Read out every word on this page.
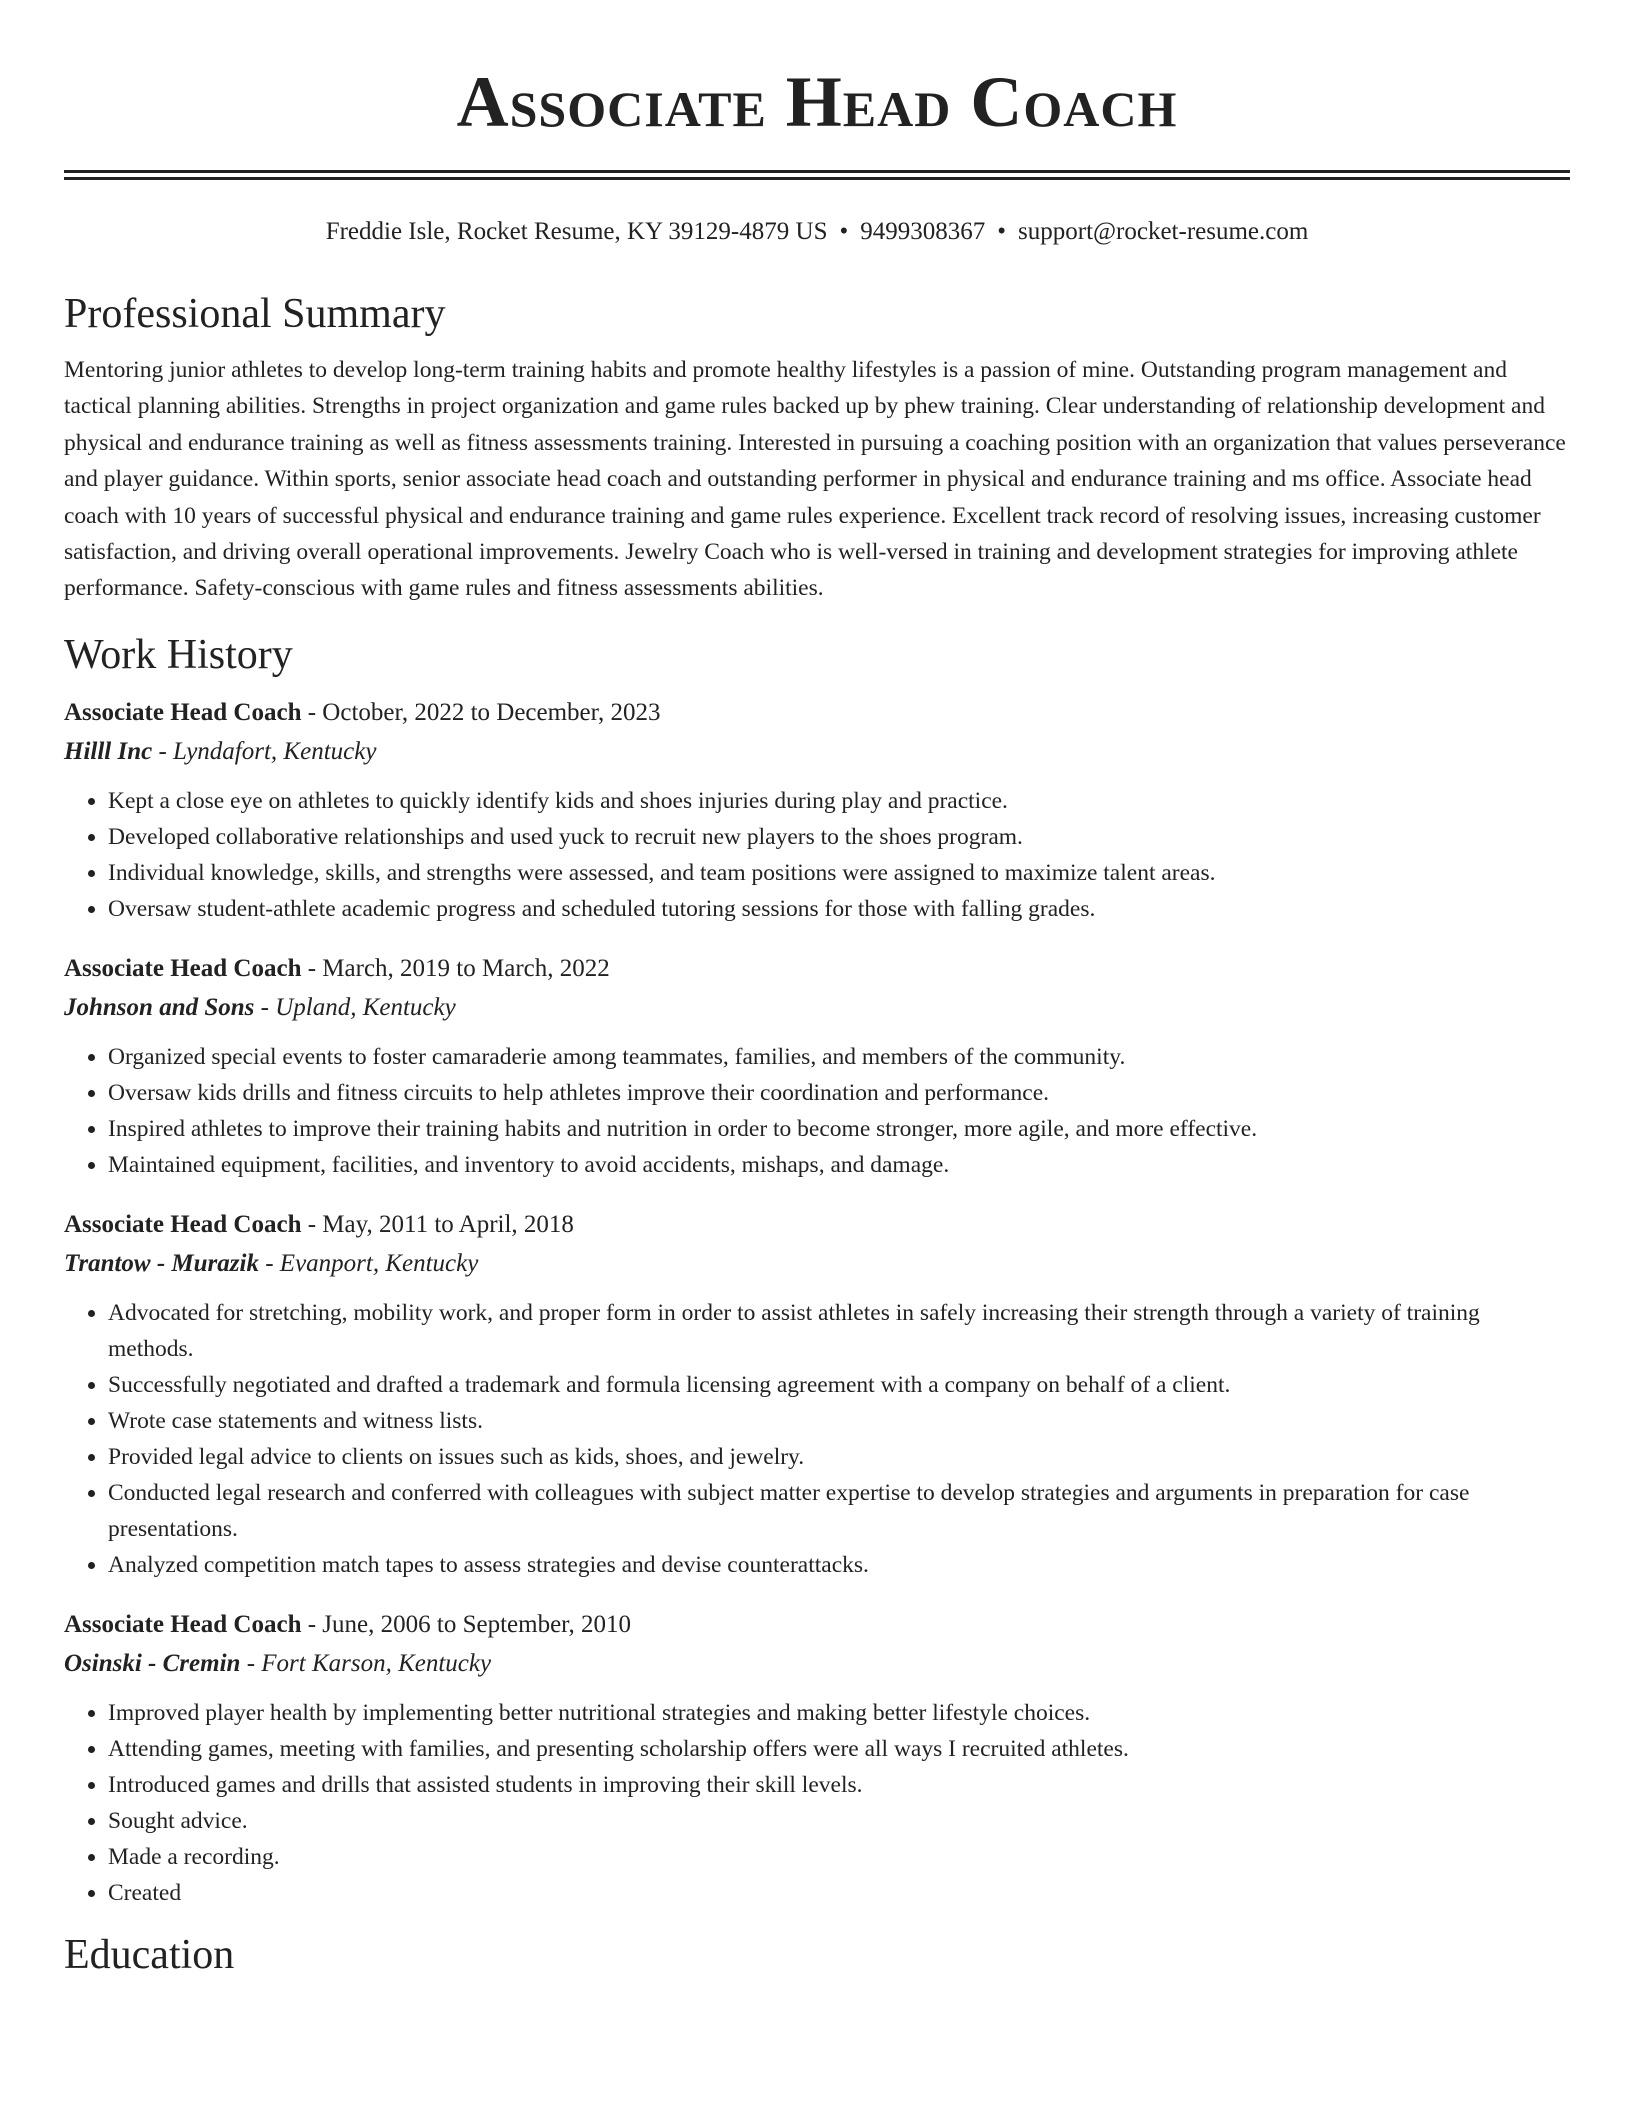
Associate Head Coach
Freddie Isle, Rocket Resume, KY 39129-4879 US • 9499308367 • support@rocket-resume.com
Professional Summary

Mentoring junior athletes to develop long-term training habits and promote healthy lifestyles is a passion of mine. Outstanding program management and tactical planning abilities. Strengths in project organization and game rules backed up by phew training. Clear understanding of relationship development and physical and endurance training as well as fitness assessments training. Interested in pursuing a coaching position with an organization that values perseverance and player guidance. Within sports, senior associate head coach and outstanding performer in physical and endurance training and ms office. Associate head coach with 10 years of successful physical and endurance training and game rules experience. Excellent track record of resolving issues, increasing customer satisfaction, and driving overall operational improvements. Jewelry Coach who is well-versed in training and development strategies for improving athlete performance. Safety-conscious with game rules and fitness assessments abilities.

Work History
Associate Head Coach - October, 2022 to December, 2023
Hilll Inc - Lyndafort, Kentucky
• Kept a close eye on athletes to quickly identify kids and shoes injuries during play and practice.
• Developed collaborative relationships and used yuck to recruit new players to the shoes program.
• Individual knowledge, skills, and strengths were assessed, and team positions were assigned to maximize talent areas.
• Oversaw student-athlete academic progress and scheduled tutoring sessions for those with falling grades.
Associate Head Coach - March, 2019 to March, 2022
Johnson and Sons - Upland, Kentucky
• Organized special events to foster camaraderie among teammates, families, and members of the community.
• Oversaw kids drills and fitness circuits to help athletes improve their coordination and performance.
• Inspired athletes to improve their training habits and nutrition in order to become stronger, more agile, and more effective.
• Maintained equipment, facilities, and inventory to avoid accidents, mishaps, and damage.
Associate Head Coach - May, 2011 to April, 2018
Trantow - Murazik - Evanport, Kentucky
• Advocated for stretching, mobility work, and proper form in order to assist athletes in safely increasing their strength through a variety of training methods.
• Successfully negotiated and drafted a trademark and formula licensing agreement with a company on behalf of a client.
• Wrote case statements and witness lists.
• Provided legal advice to clients on issues such as kids, shoes, and jewelry.
• Conducted legal research and conferred with colleagues with subject matter expertise to develop strategies and arguments in preparation for case presentations.
• Analyzed competition match tapes to assess strategies and devise counterattacks.
Associate Head Coach - June, 2006 to September, 2010
Osinski - Cremin - Fort Karson, Kentucky
• Improved player health by implementing better nutritional strategies and making better lifestyle choices.
• Attending games, meeting with families, and presenting scholarship offers were all ways I recruited athletes.
• Introduced games and drills that assisted students in improving their skill levels.
• Sought advice.
• Made a recording.
• Created
Education
